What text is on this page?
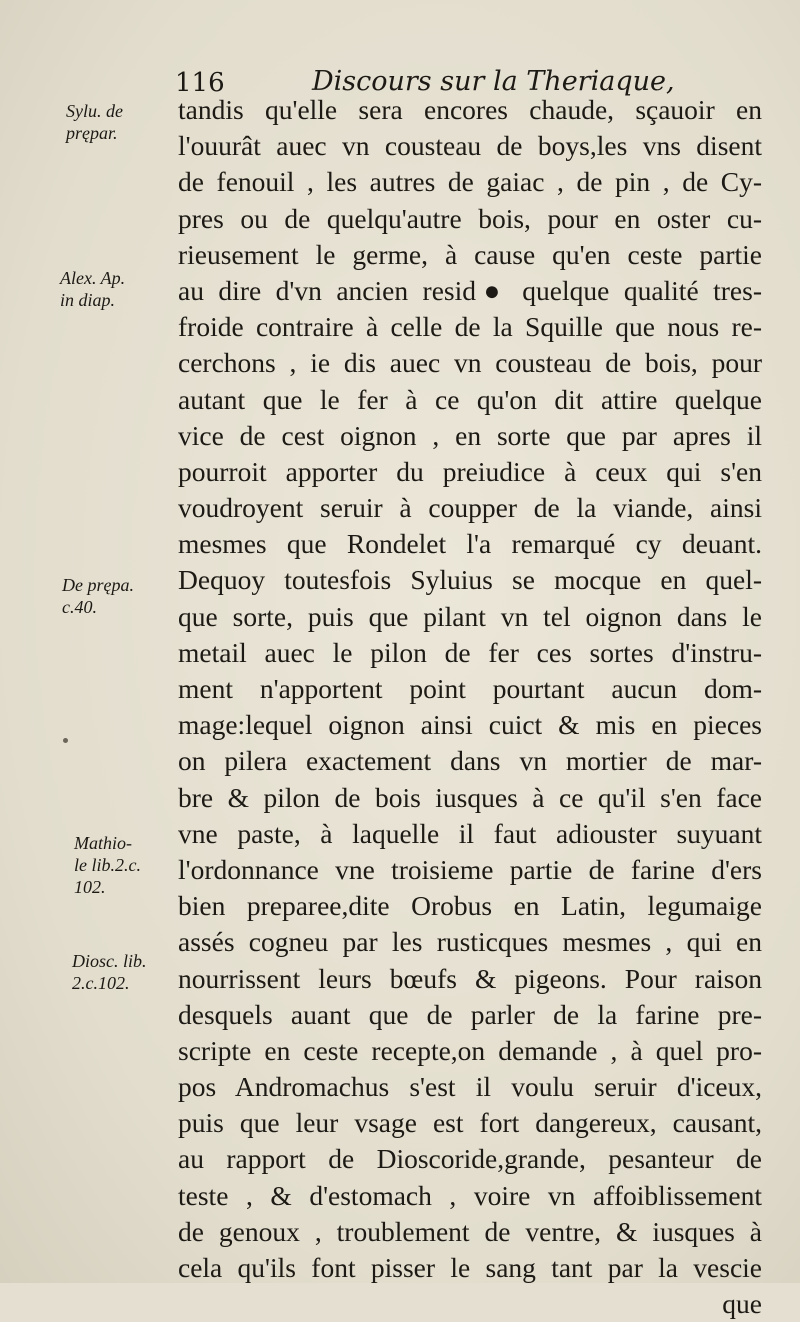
116	Discours sur la Theriaque,
Sylu. de
prępar.
Alex. Ap.
in diap.
De prępa.
c.40.
Mathio-
le lib.2.c.
102.
Diosc. lib.
2.c.102.
tandis qu'elle sera encores chaude, sçauoir en
l'ouurât auec vn cousteau de boys,les vns disent
de fenouil , les autres de gaiac , de pin , de Cy-
pres ou de quelqu'autre bois, pour en oster cu-
rieusement le germe, à cause qu'en ceste partie
au dire d'vn ancien resid● quelque qualité tres-
froide contraire à celle de la Squille que nous re-
cerchons , ie dis auec vn cousteau de bois, pour
autant que le fer à ce qu'on dit attire quelque
vice de cest oignon , en sorte que par apres il
pourroit apporter du preiudice à ceux qui s'en
voudroyent seruir à coupper de la viande, ainsi
mesmes que Rondelet l'a remarqué cy deuant.
Dequoy toutesfois Syluius se mocque en quel-
que sorte, puis que pilant vn tel oignon dans le
metail auec le pilon de fer ces sortes d'instru-
ment n'apportent point pourtant aucun dom-
mage:lequel oignon ainsi cuict & mis en pieces
on pilera exactement dans vn mortier de mar-
bre & pilon de bois iusques à ce qu'il s'en face
vne paste, à laquelle il faut adiouster suyuant
l'ordonnance vne troisieme partie de farine d'ers
bien preparee,dite Orobus en Latin, legumaige
assés cogneu par les rusticques mesmes , qui en
nourrissent leurs bœufs & pigeons. Pour raison
desquels auant que de parler de la farine pre-
scripte en ceste recepte,on demande , à quel pro-
pos Andromachus s'est il voulu seruir d'iceux,
puis que leur vsage est fort dangereux, causant,
au rapport de Dioscoride,grande, pesanteur de
teste , & d'estomach , voire vn affoiblissement
de genoux , troublement de ventre, & iusques à
cela qu'ils font pisser le sang tant par la vescie
que
